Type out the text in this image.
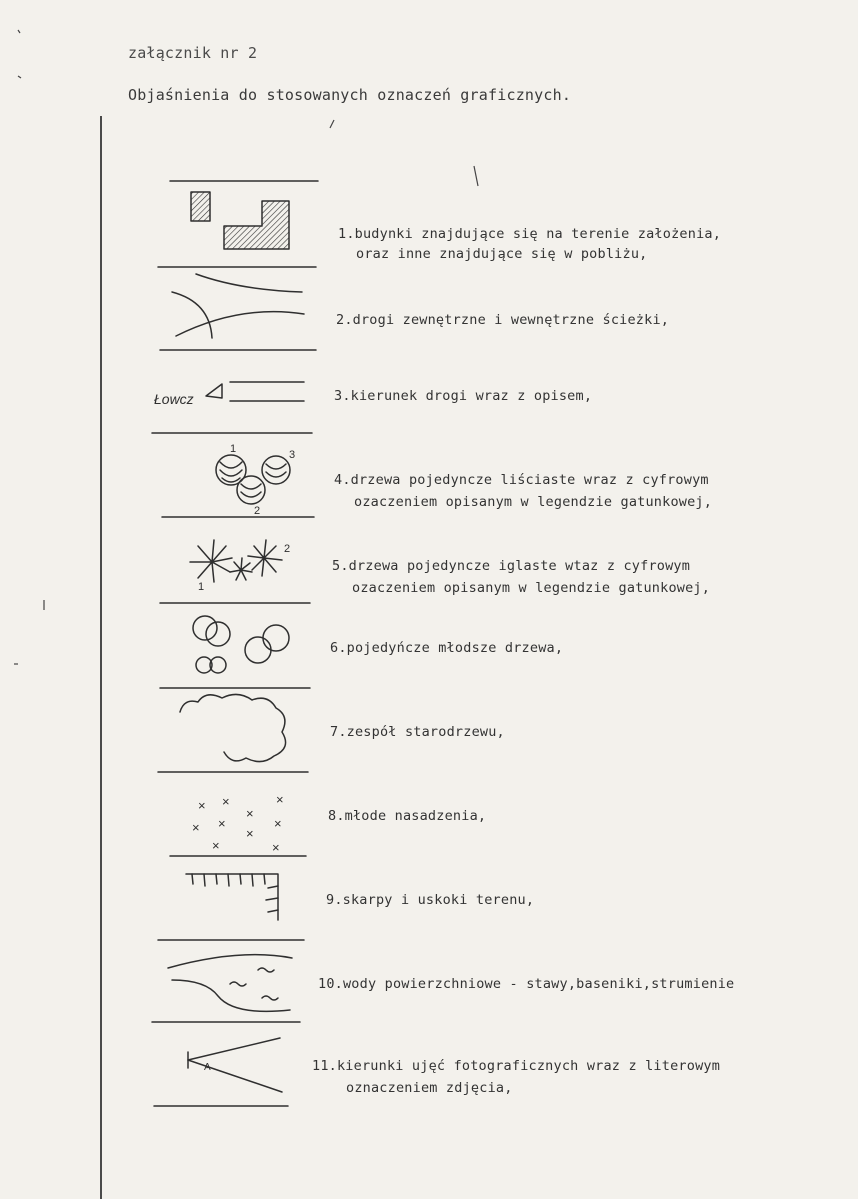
załącznik nr 2
Objaśnienia do stosowanych oznaczeń graficznych.
1.budynki znajdujące się na terenie założenia,
oraz inne znajdujące się w pobliżu,
2.drogi zewnętrzne i wewnętrzne ścieżki,
3.kierunek drogi wraz z opisem,
4.drzewa pojedyncze liściaste wraz z cyfrowym
ozaczeniem opisanym w legendzie gatunkowej,
5.drzewa pojedyncze iglaste wtaz z cyfrowym
ozaczeniem opisanym w legendzie gatunkowej,
6.pojedyńcze młodsze drzewa,
7.zespół starodrzewu,
8.młode nasadzenia,
9.skarpy i uskoki terenu,
10.wody powierzchniowe - stawy,baseniki,strumienie
11.kierunki ujęć fotograficznych wraz z literowym
oznaczeniem zdjęcia,
Łowcz
1
2
3
1
2
A
× ×	×
× ×
×
×
×
×	×
